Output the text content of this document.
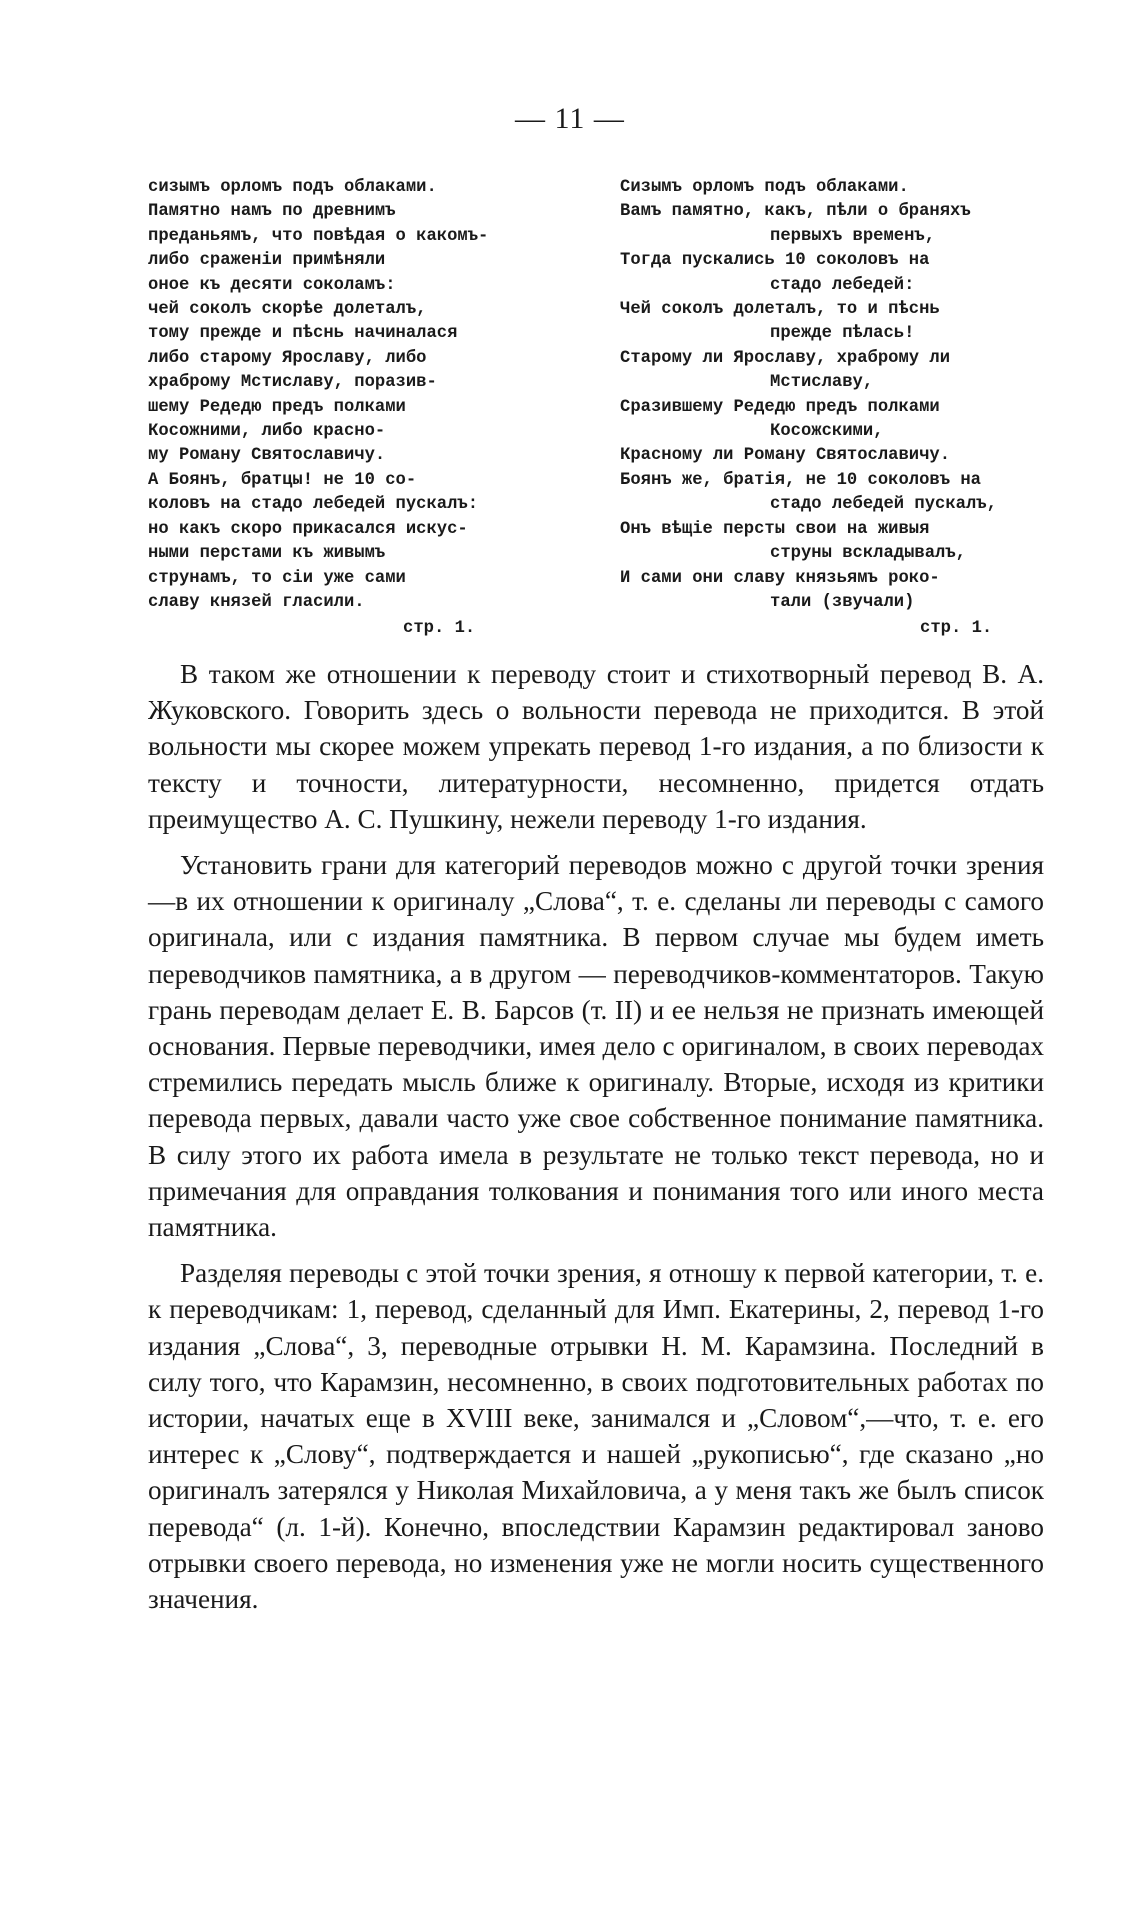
— 11 —
сизымъ орломъ подъ облаками.
Памятно намъ по древнимъ
преданьямъ, что повѣдая о какомъ-
либо сраженіи примѣняли
оное къ десяти соколамъ:
чей соколъ скорѣе долеталъ,
тому прежде и пѣснь начиналася
либо старому Ярославу, либо
храброму Мстиславу, поразив-
шему Редедю предъ полками
Косожними, либо красно-
му Роману Святославичу.
А Боянъ, братцы! не 10 со-
коловъ на стадо лебедей пускалъ:
но какъ скоро прикасался искус-
ными перстами къ живымъ
струнамъ, то сіи уже сами
славу князей гласили.
стр. 1.
Сизымъ орломъ подъ облаками.
Вамъ памятно, какъ, пѣли о браняхъ
первыхъ временъ,
Тогда пускались 10 соколовъ на
стадо лебедей:
Чей соколъ долеталъ, то и пѣснь
прежде пѣлась!
Старому ли Ярославу, храброму ли
Мстиславу,
Сразившему Редедю предъ полками
Косожскими,
Красному ли Роману Святославичу.
Боянъ же, братія, не 10 соколовъ на
стадо лебедей пускалъ,
Онъ вѣщіе персты свои на живыя
струны вскладывалъ,
И сами они славу князьямъ роко-
тали (звучали)
стр. 1.

В таком же отношении к переводу стоит и стихотворный перевод В. А. Жуковского. Говорить здесь о вольности перевода не приходится. В этой вольности мы скорее можем упрекать перевод 1-го издания, а по близости к тексту и точности, литературности, несомненно, придется отдать преимущество А. С. Пушкину, нежели переводу 1-го издания.

Установить грани для категорий переводов можно с другой точки зрения—в их отношении к оригиналу „Слова“, т. е. сделаны ли переводы с самого оригинала, или с издания памятника. В первом случае мы будем иметь переводчиков памятника, а в другом — переводчиков-комментаторов. Такую грань переводам делает Е. В. Барсов (т. II) и ее нельзя не признать имеющей основания. Первые переводчики, имея дело с оригиналом, в своих переводах стремились передать мысль ближе к оригиналу. Вторые, исходя из критики перевода первых, давали часто уже свое собственное понимание памятника. В силу этого их работа имела в результате не только текст перевода, но и примечания для оправдания толкования и понимания того или иного места памятника.

Разделяя переводы с этой точки зрения, я отношу к первой категории, т. е. к переводчикам: 1, перевод, сделанный для Имп. Екатерины, 2, перевод 1-го издания „Слова“, 3, переводные отрывки Н. М. Карамзина. Последний в силу того, что Карамзин, несомненно, в своих подготовительных работах по истории, начатых еще в XVIII веке, занимался и „Словом“,—что, т. е. его интерес к „Слову“, подтверждается и нашей „рукописью“, где сказано „но оригиналъ затерялся у Николая Михайловича, а у меня такъ же былъ список перевода“ (л. 1-й). Конечно, впоследствии Карамзин редактировал заново отрывки своего перевода, но изменения уже не могли носить существенного значения.
